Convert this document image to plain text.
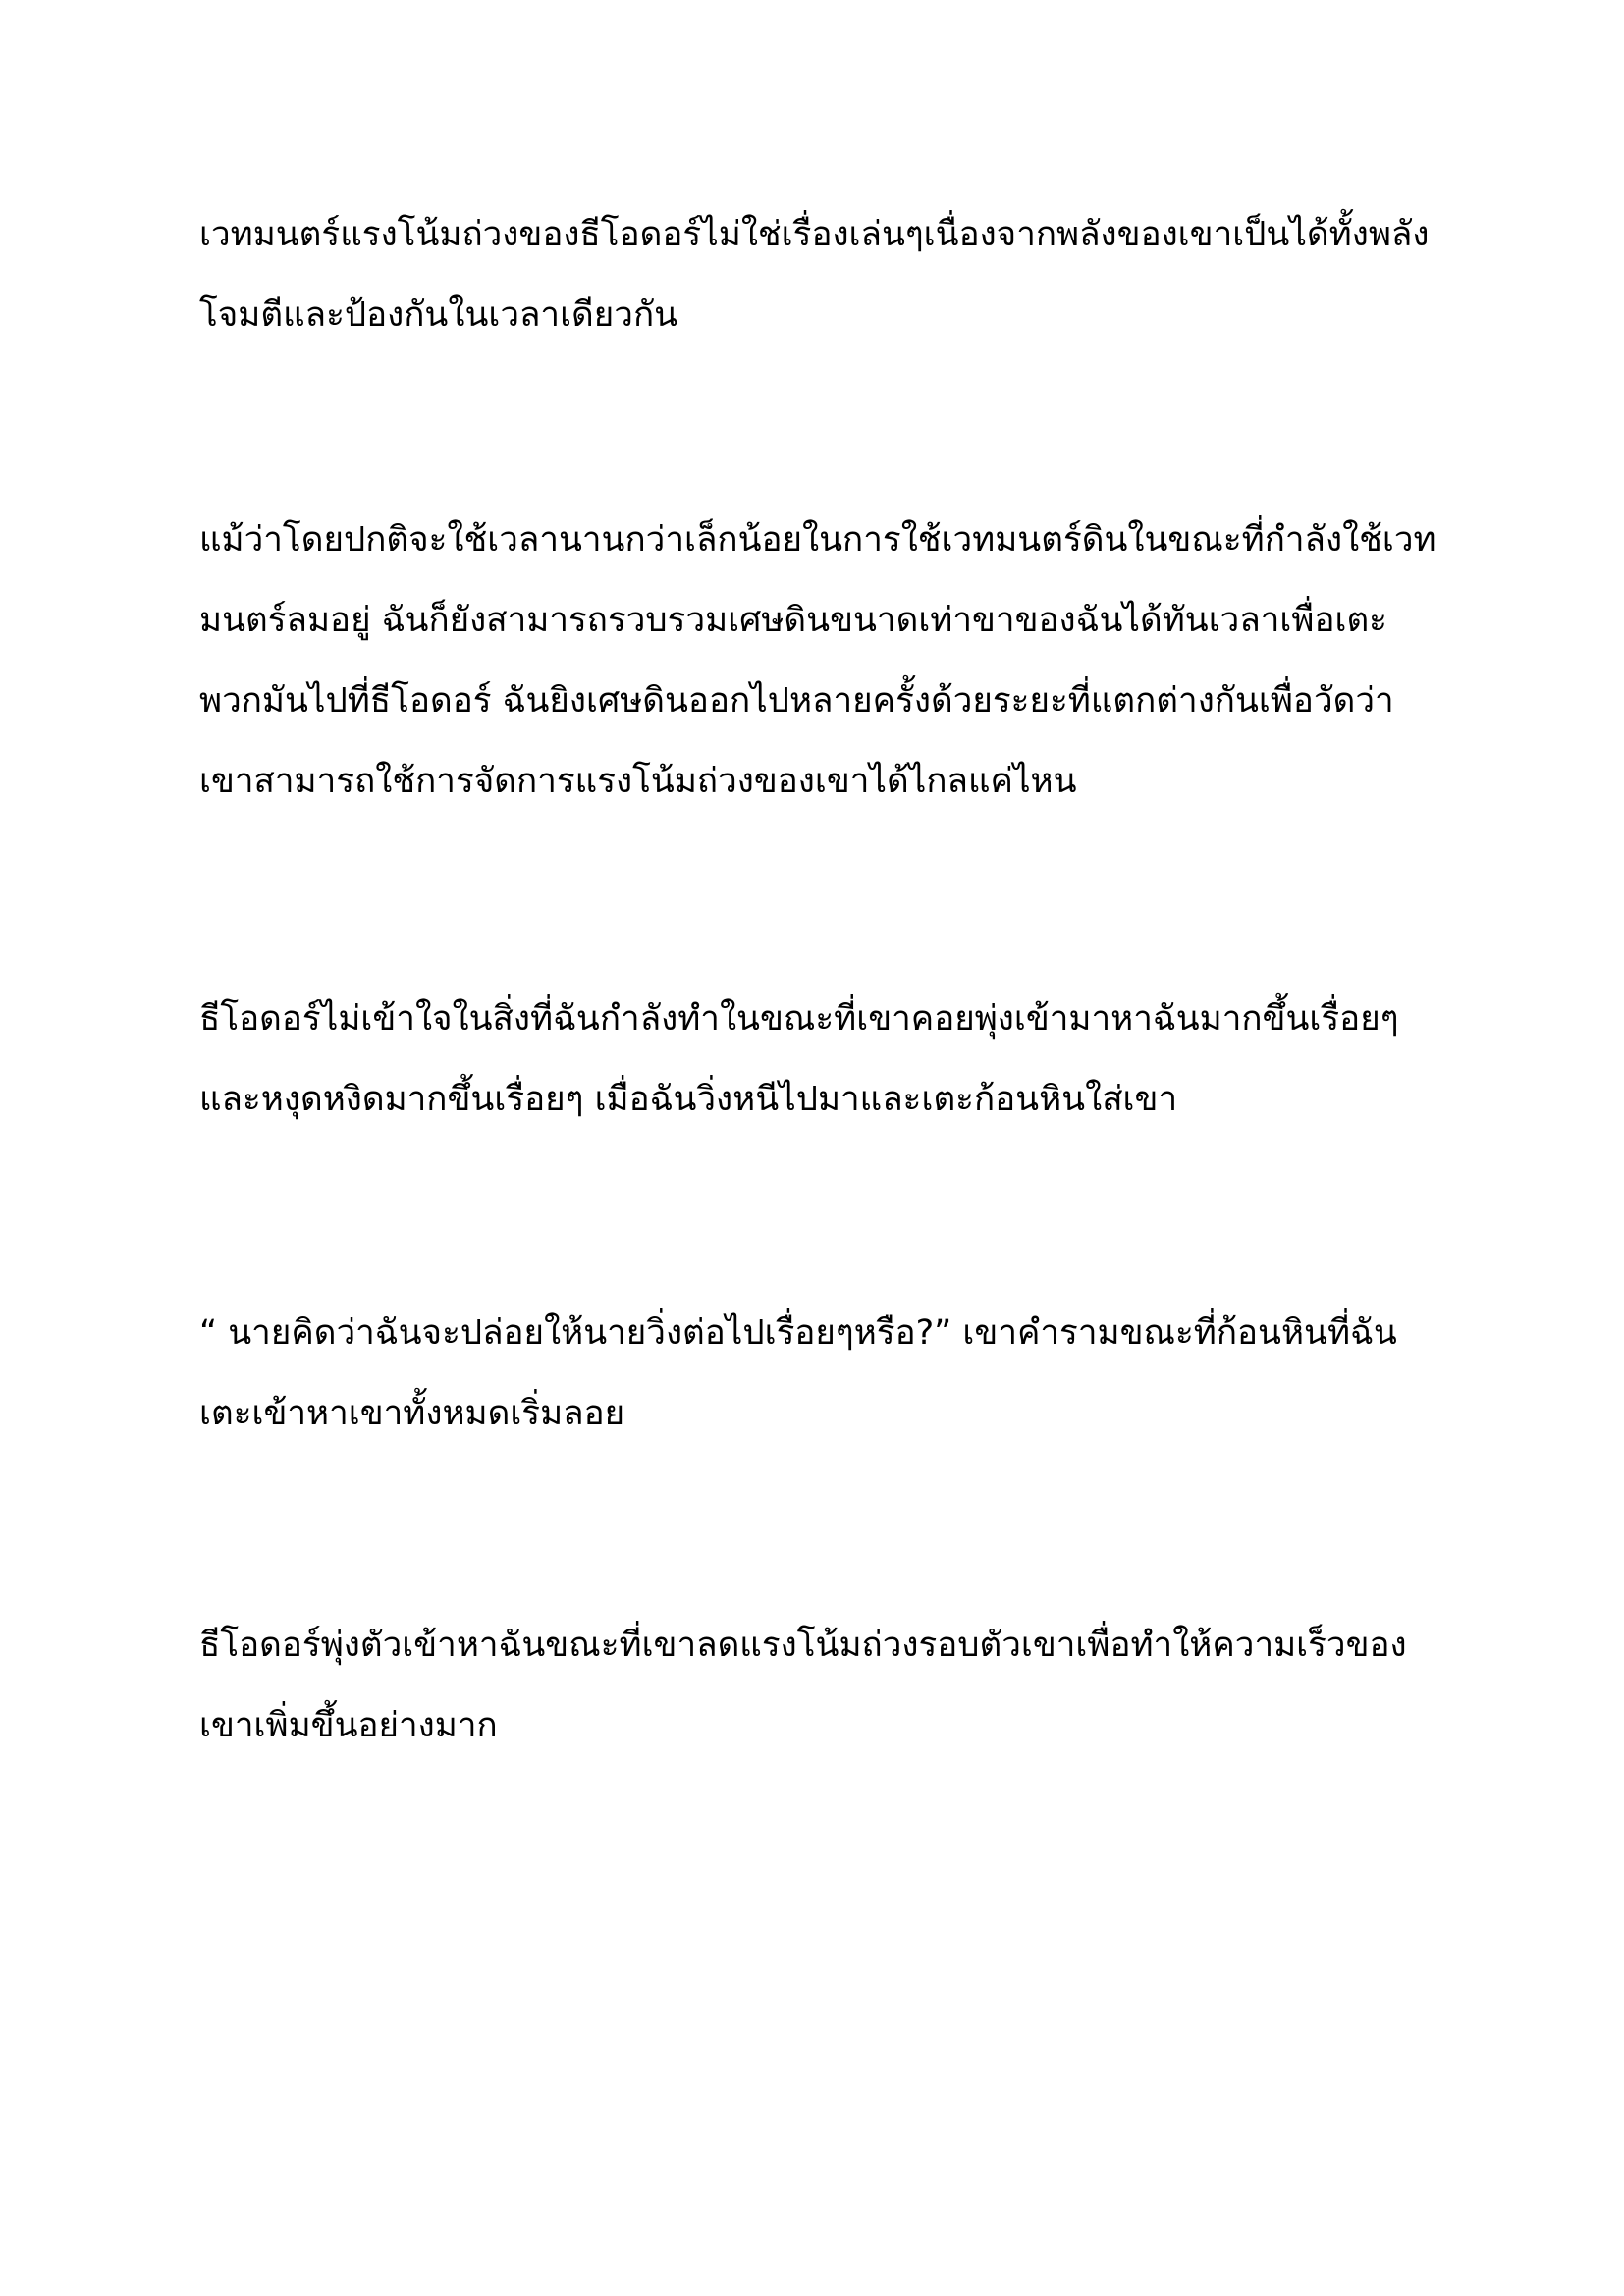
เวทมนตร์แรงโน้มถ่วงของธีโอดอร์ไม่ใช่เรื่องเล่นๆเนื่องจากพลังของเขาเป็นได้ทั้งพลัง
โจมตีและป้องกันในเวลาเดียวกัน

แม้ว่าโดยปกติจะใช้เวลานานกว่าเล็กน้อยในการใช้เวทมนตร์ดินในขณะที่กำลังใช้เวท
มนตร์ลมอยู่ ฉันก็ยังสามารถรวบรวมเศษดินขนาดเท่าขาของฉันได้ทันเวลาเพื่อเตะ
พวกมันไปที่ธีโอดอร์ ฉันยิงเศษดินออกไปหลายครั้งด้วยระยะที่แตกต่างกันเพื่อวัดว่า
เขาสามารถใช้การจัดการแรงโน้มถ่วงของเขาได้ไกลแค่ไหน

ธีโอดอร์ไม่เข้าใจในสิ่งที่ฉันกำลังทำในขณะที่เขาคอยพุ่งเข้ามาหาฉันมากขึ้นเรื่อยๆ
และหงุดหงิดมากขึ้นเรื่อยๆ เมื่อฉันวิ่งหนีไปมาและเตะก้อนหินใส่เขา

“ นายคิดว่าฉันจะปล่อยให้นายวิ่งต่อไปเรื่อยๆหรือ?” เขาคำรามขณะที่ก้อนหินที่ฉัน
เตะเข้าหาเขาทั้งหมดเริ่มลอย

ธีโอดอร์พุ่งตัวเข้าหาฉันขณะที่เขาลดแรงโน้มถ่วงรอบตัวเขาเพื่อทำให้ความเร็วของ
เขาเพิ่มขึ้นอย่างมาก
